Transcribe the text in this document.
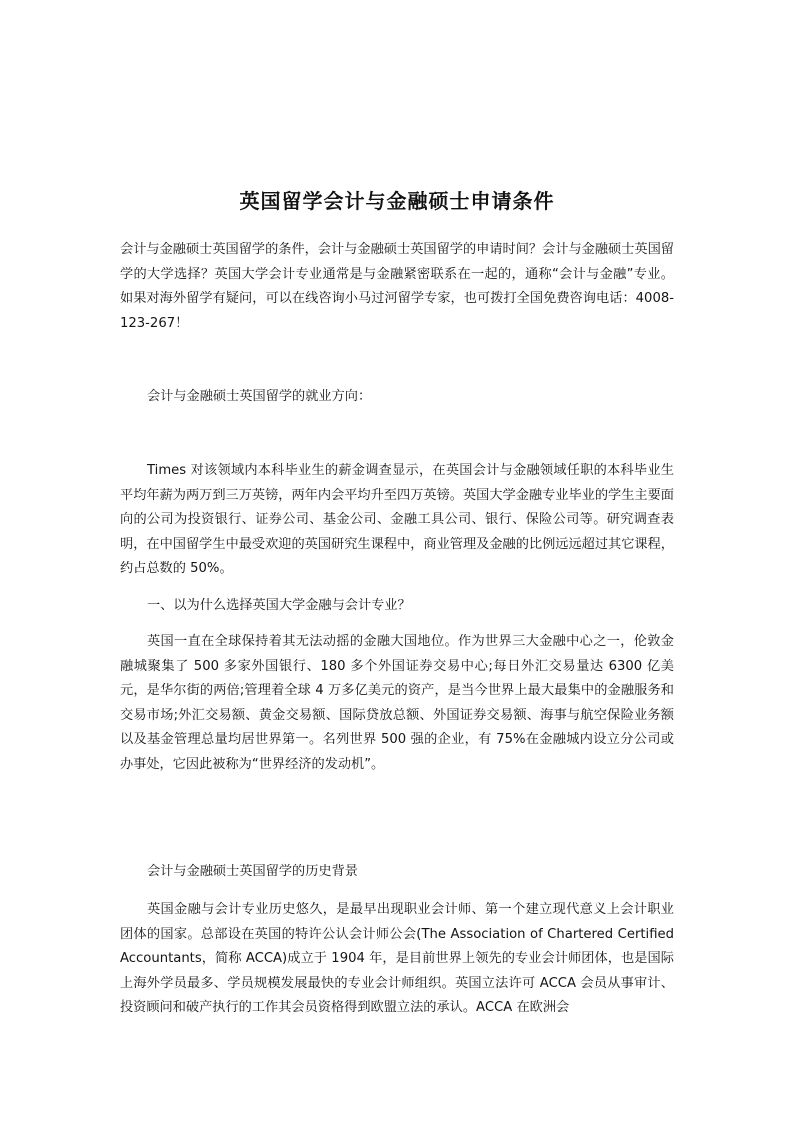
英国留学会计与金融硕士申请条件

会计与金融硕士英国留学的条件，会计与金融硕士英国留学的申请时间？会计与金融硕士英国留学的大学选择？英国大学会计专业通常是与金融紧密联系在一起的，通称“会计与金融”专业。如果对海外留学有疑问，可以在线咨询小马过河留学专家，也可拨打全国免费咨询电话：4008-123-267！

会计与金融硕士英国留学的就业方向：

Times 对该领域内本科毕业生的薪金调查显示，在英国会计与金融领域任职的本科毕业生平均年薪为两万到三万英镑，两年内会平均升至四万英镑。英国大学金融专业毕业的学生主要面向的公司为投资银行、证券公司、基金公司、金融工具公司、银行、保险公司等。研究调查表明，在中国留学生中最受欢迎的英国研究生课程中，商业管理及金融的比例远远超过其它课程，约占总数的 50%。

一、以为什么选择英国大学金融与会计专业？

英国一直在全球保持着其无法动摇的金融大国地位。作为世界三大金融中心之一，伦敦金融城聚集了 500 多家外国银行、180 多个外国证券交易中心;每日外汇交易量达 6300 亿美元，是华尔街的两倍;管理着全球 4 万多亿美元的资产，是当今世界上最大最集中的金融服务和交易市场;外汇交易额、黄金交易额、国际贷放总额、外国证券交易额、海事与航空保险业务额以及基金管理总量均居世界第一。名列世界 500 强的企业，有 75%在金融城内设立分公司或办事处，它因此被称为“世界经济的发动机”。

会计与金融硕士英国留学的历史背景

英国金融与会计专业历史悠久，是最早出现职业会计师、第一个建立现代意义上会计职业团体的国家。总部设在英国的特许公认会计师公会(The Association of Chartered Certified Accountants，简称 ACCA)成立于 1904 年，是目前世界上领先的专业会计师团体，也是国际上海外学员最多、学员规模发展最快的专业会计师组织。英国立法许可 ACCA 会员从事审计、投资顾问和破产执行的工作其会员资格得到欧盟立法的承认。ACCA 在欧洲会
